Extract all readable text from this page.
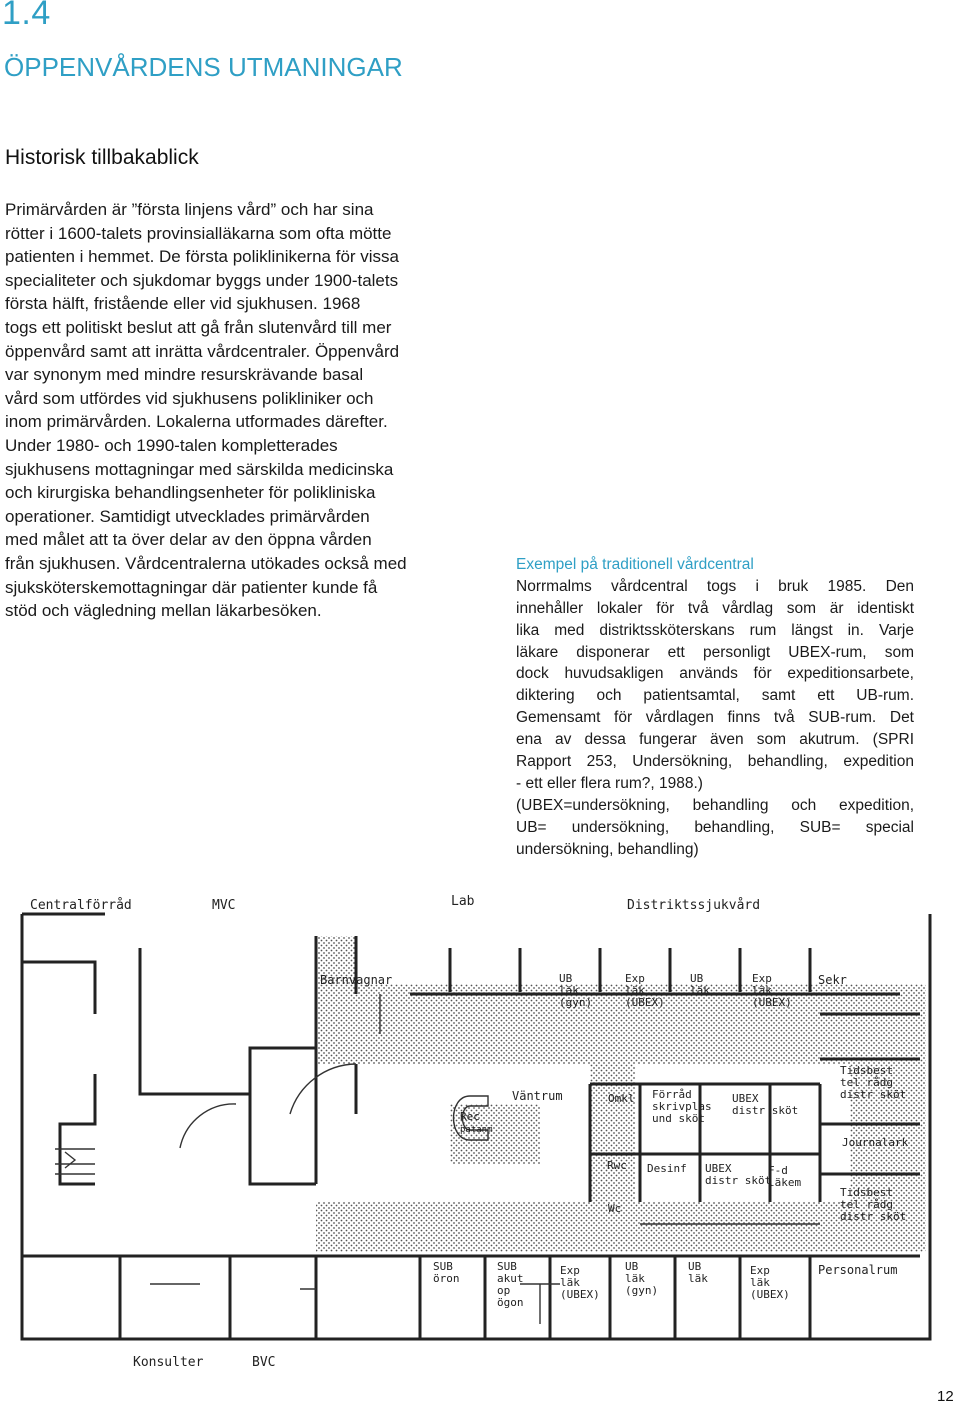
1.4
ÖPPENVÅRDENS UTMANINGAR
Historisk tillbakablick
Primärvården är ”första linjens vård” och har sina
rötter i 1600-talets provinsialläkarna som ofta mötte
patienten i hemmet. De första poliklinikerna för vissa
specialiteter och sjukdomar byggs under 1900-talets
första hälft, fristående eller vid sjukhusen. 1968
togs ett politiskt beslut att gå från slutenvård till mer
öppenvård samt att inrätta vårdcentraler. Öppenvård
var synonym med mindre resurskrävande basal
vård som utfördes vid sjukhusens polikliniker och
inom primärvården. Lokalerna utformades därefter.
Under 1980- och 1990-talen kompletterades
sjukhusens mottagningar med särskilda medicinska
och kirurgiska behandlingsenheter för polikliniska
operationer. Samtidigt utvecklades primärvården
med målet att ta över delar av den öppna vården
från sjukhusen. Vårdcentralerna utökades också med
sjuksköterskemottagningar där patienter kunde få
stöd och vägledning mellan läkarbesöken.
Exempel på traditionell vårdcentral
Norrmalms vårdcentral togs i bruk 1985. Den
innehåller lokaler för två vårdlag som är identiskt
lika med distriktssköterskans rum längst in. Varje
läkare disponerar ett personligt UBEX-rum, som
dock huvudsakligen används för expeditionsarbete,
diktering och patientsamtal, samt ett UB-rum.
Gemensamt för vårdlagen finns två SUB-rum. Det
ena av dessa fungerar även som akutrum. (SPRI
Rapport 253, Undersökning, behandling, expedition
- ett eller flera rum?, 1988.)
(UBEX=undersökning, behandling och expedition,
UB= undersökning, behandling, SUB= special
undersökning, behandling)
Centralförråd	MVC	Lab	Distriktssjukvård
Barnvagnar	UB läk (gyn)
Exp läk (UBEX)
UB läk
Exp läk (UBEX)
Sekr
Tidsbest tel rådg distr sköt
Journalark
Tidsbest tel rådg distr sköt
Rec
patanm
Väntrum	Omkl Förråd skrivplas und sköt
UBEX distr sköt
Rwc Desinf UBEX distr sköt
F-d läkem
Wc
SUB öron
SUB akut op ögon
Exp läk (UBEX)
UB läk (gyn)
UB läk
Exp läk (UBEX)
Personalrum
Konsulter	BVC
12
